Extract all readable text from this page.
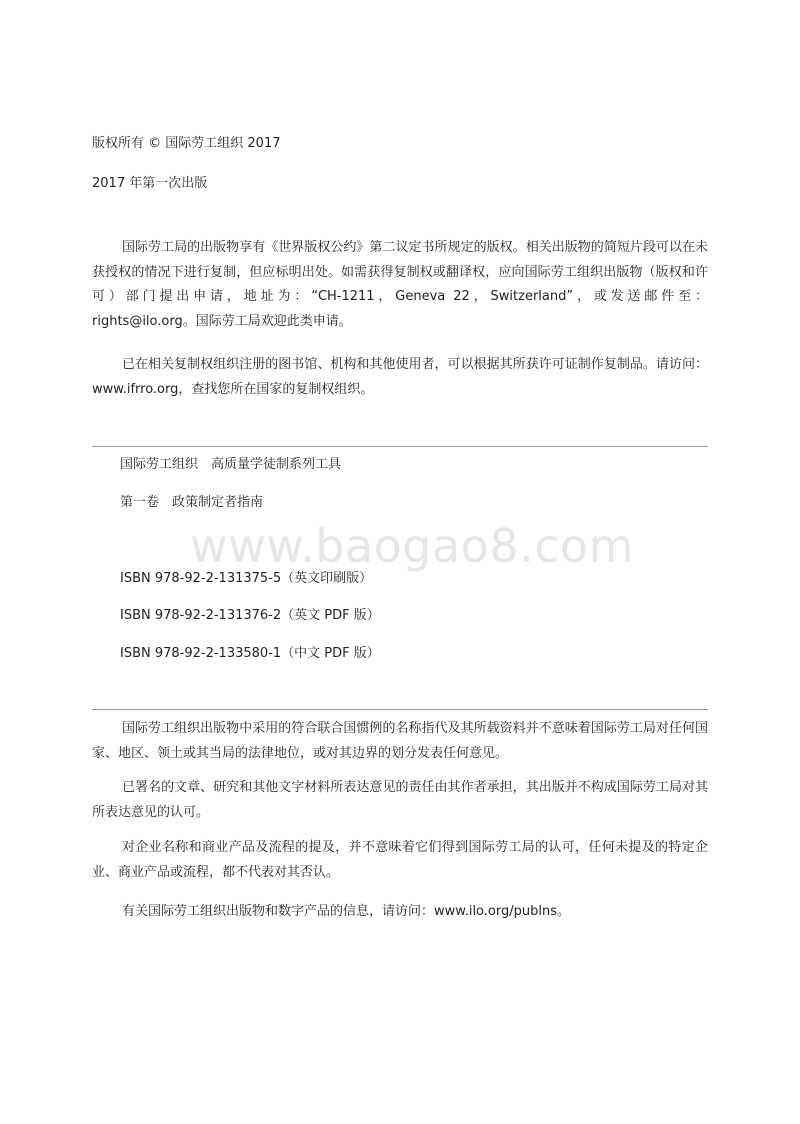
版权所有 © 国际劳工组织 2017
2017 年第一次出版
国际劳工局的出版物享有《世界版权公约》第二议定书所规定的版权。相关出版物的简短片段可以在未获授权的情况下进行复制，但应标明出处。如需获得复制权或翻译权，应向国际劳工组织出版物（版权和许可）部门提出申请，地址为：“CH-1211，Geneva 22，Switzerland”，或发送邮件至：rights@ilo.org。国际劳工局欢迎此类申请。
已在相关复制权组织注册的图书馆、机构和其他使用者，可以根据其所获许可证制作复制品。请访问：www.ifrro.org，查找您所在国家的复制权组织。
国际劳工组织　高质量学徒制系列工具
第一卷　政策制定者指南
www.baogao8.com
ISBN 978-92-2-131375-5（英文印刷版）
ISBN 978-92-2-131376-2（英文 PDF 版）
ISBN 978-92-2-133580-1（中文 PDF 版）
国际劳工组织出版物中采用的符合联合国惯例的名称指代及其所载资料并不意味着国际劳工局对任何国家、地区、领土或其当局的法律地位，或对其边界的划分发表任何意见。
已署名的文章、研究和其他文字材料所表达意见的责任由其作者承担，其出版并不构成国际劳工局对其所表达意见的认可。
对企业名称和商业产品及流程的提及，并不意味着它们得到国际劳工局的认可，任何未提及的特定企业、商业产品或流程，都不代表对其否认。
有关国际劳工组织出版物和数字产品的信息，请访问：www.ilo.org/publns。
